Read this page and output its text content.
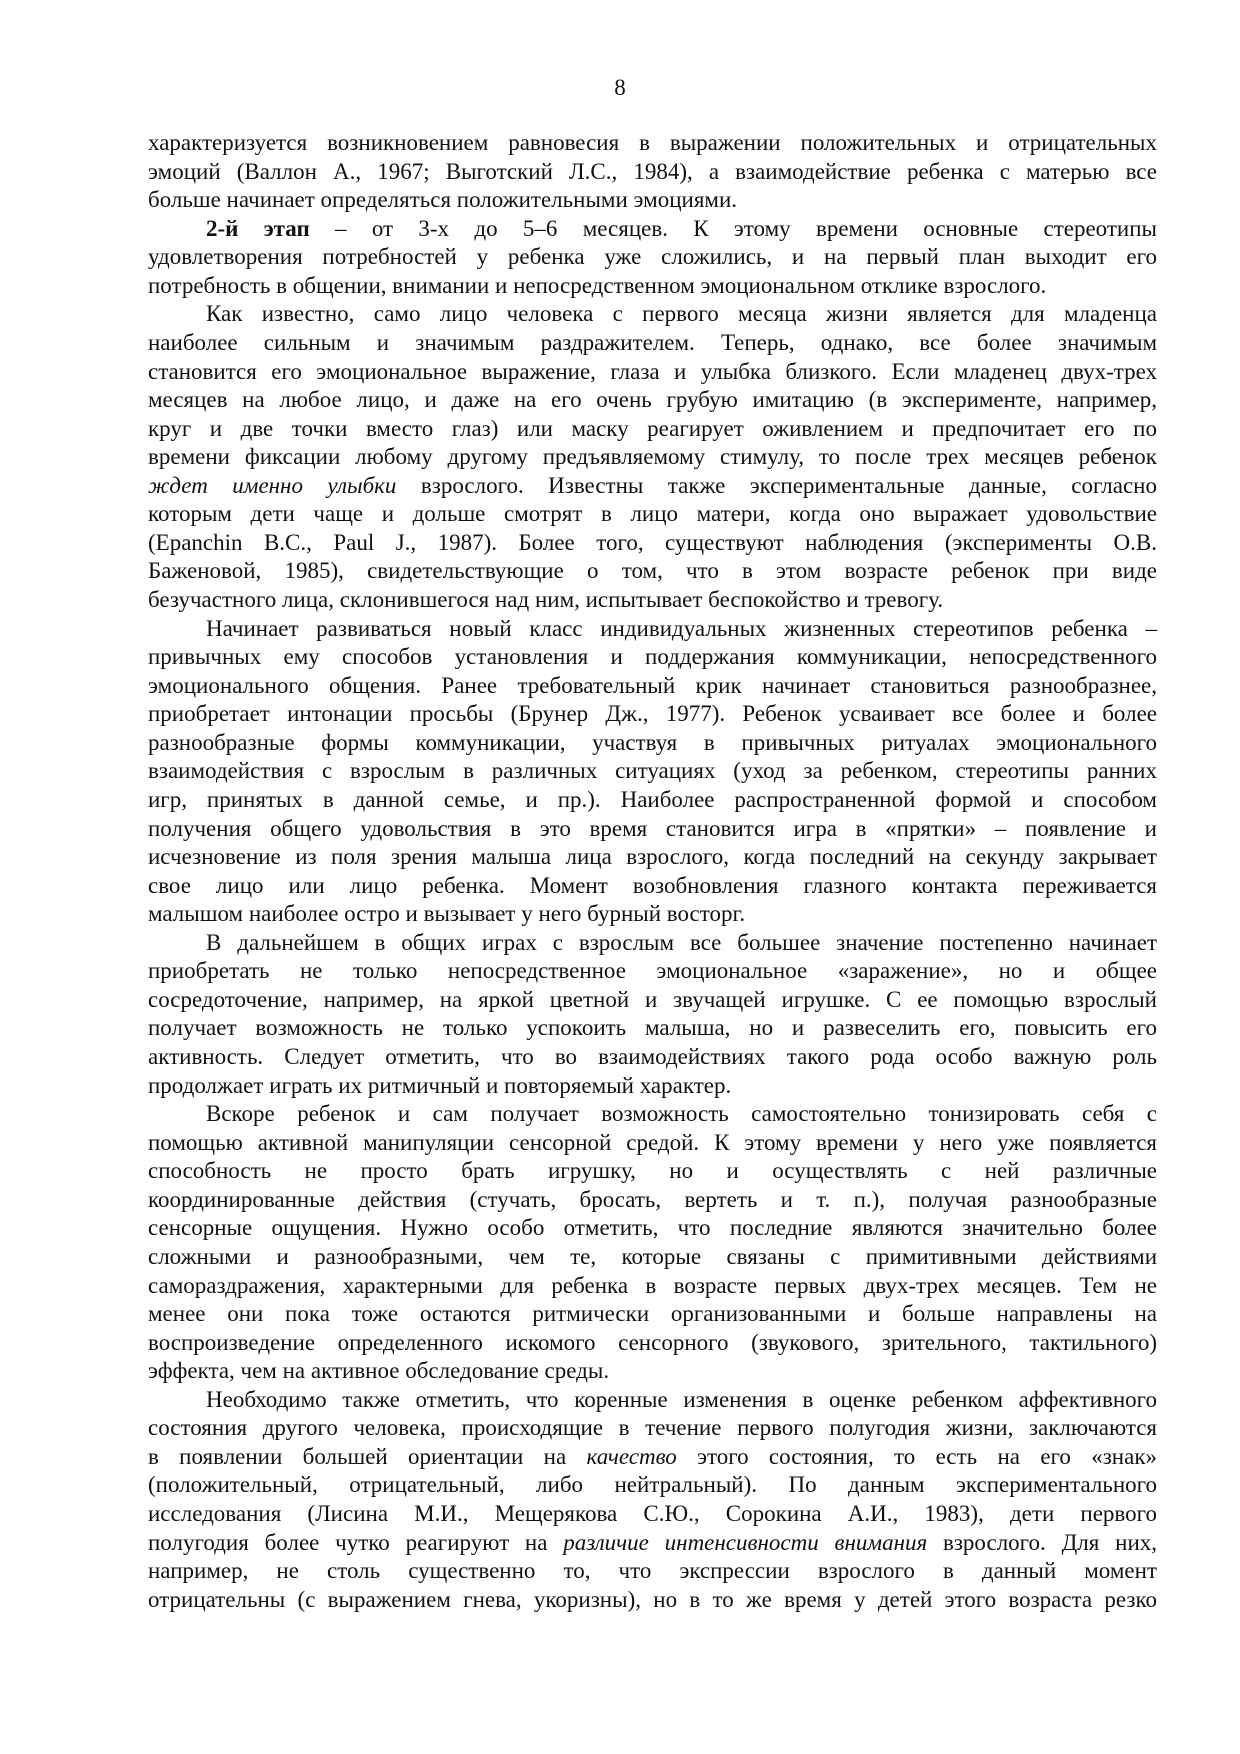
8
характеризуется возникновением равновесия в выражении положительных и отрицательных
эмоций (Валлон А., 1967; Выготский Л.С., 1984), а взаимодействие ребенка с матерью все
больше начинает определяться положительными эмоциями.
2-й этап – от 3-х до 5–6 месяцев. К этому времени основные стереотипы
удовлетворения потребностей у ребенка уже сложились, и на первый план выходит его
потребность в общении, внимании и непосредственном эмоциональном отклике взрослого.
Как известно, само лицо человека с первого месяца жизни является для младенца
наиболее сильным и значимым раздражителем. Теперь, однако, все более значимым
становится его эмоциональное выражение, глаза и улыбка близкого. Если младенец двух-трех
месяцев на любое лицо, и даже на его очень грубую имитацию (в эксперименте, например,
круг и две точки вместо глаз) или маску реагирует оживлением и предпочитает его по
времени фиксации любому другому предъявляемому стимулу, то после трех месяцев ребенок
ждет именно улыбки взрослого. Известны также экспериментальные данные, согласно
которым дети чаще и дольше смотрят в лицо матери, когда оно выражает удовольствие
(Epanchin B.C., Paul J., 1987). Более того, существуют наблюдения (эксперименты О.В.
Баженовой, 1985), свидетельствующие о том, что в этом возрасте ребенок при виде
безучастного лица, склонившегося над ним, испытывает беспокойство и тревогу.
Начинает развиваться новый класс индивидуальных жизненных стереотипов ребенка –
привычных ему способов установления и поддержания коммуникации, непосредственного
эмоционального общения. Ранее требовательный крик начинает становиться разнообразнее,
приобретает интонации просьбы (Брунер Дж., 1977). Ребенок усваивает все более и более
разнообразные формы коммуникации, участвуя в привычных ритуалах эмоционального
взаимодействия с взрослым в различных ситуациях (уход за ребенком, стереотипы ранних
игр, принятых в данной семье, и пр.). Наиболее распространенной формой и способом
получения общего удовольствия в это время становится игра в «прятки» – появление и
исчезновение из поля зрения малыша лица взрослого, когда последний на секунду закрывает
свое лицо или лицо ребенка. Момент возобновления глазного контакта переживается
малышом наиболее остро и вызывает у него бурный восторг.
В дальнейшем в общих играх с взрослым все большее значение постепенно начинает
приобретать не только непосредственное эмоциональное «заражение», но и общее
сосредоточение, например, на яркой цветной и звучащей игрушке. С ее помощью взрослый
получает возможность не только успокоить малыша, но и развеселить его, повысить его
активность. Следует отметить, что во взаимодействиях такого рода особо важную роль
продолжает играть их ритмичный и повторяемый характер.
Вскоре ребенок и сам получает возможность самостоятельно тонизировать себя с
помощью активной манипуляции сенсорной средой. К этому времени у него уже появляется
способность не просто брать игрушку, но и осуществлять с ней различные
координированные действия (стучать, бросать, вертеть и т. п.), получая разнообразные
сенсорные ощущения. Нужно особо отметить, что последние являются значительно более
сложными и разнообразными, чем те, которые связаны с примитивными действиями
самораздражения, характерными для ребенка в возрасте первых двух-трех месяцев. Тем не
менее они пока тоже остаются ритмически организованными и больше направлены на
воспроизведение определенного искомого сенсорного (звукового, зрительного, тактильного)
эффекта, чем на активное обследование среды.
Необходимо также отметить, что коренные изменения в оценке ребенком аффективного
состояния другого человека, происходящие в течение первого полугодия жизни, заключаются
в появлении большей ориентации на качество этого состояния, то есть на его «знак»
(положительный, отрицательный, либо нейтральный). По данным экспериментального
исследования (Лисина М.И., Мещерякова С.Ю., Сорокина А.И., 1983), дети первого
полугодия более чутко реагируют на различие интенсивности внимания взрослого. Для них,
например, не столь существенно то, что экспрессии взрослого в данный момент
отрицательны (с выражением гнева, укоризны), но в то же время у детей этого возраста резко
